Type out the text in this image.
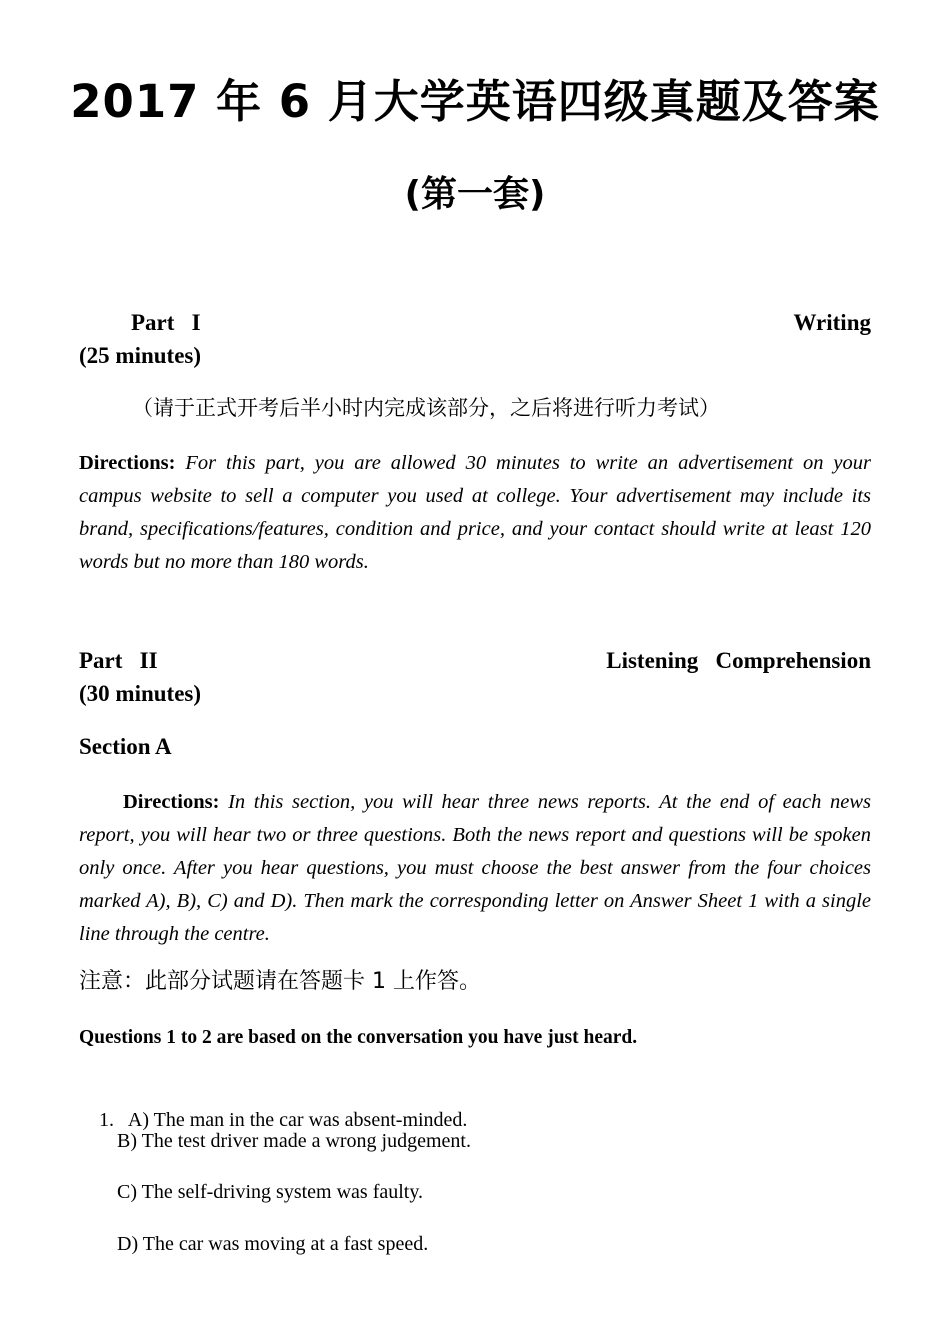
2017 年 6 月大学英语四级真题及答案
(第一套)
Part   I	Writing
(25 minutes)
（请于正式开考后半小时内完成该部分，之后将进行听力考试）
Directions: For this part, you are allowed 30 minutes to write an advertisement on your campus website to sell a computer you used at college. Your advertisement may include its brand, specifications/features, condition and price, and your contact should write at least 120 words but no more than 180 words.
Part   II	Listening   Comprehension
(30 minutes)
Section A
Directions: In this section, you will hear three news reports. At the end of each news report, you will hear two or three questions. Both the news report and questions will be spoken only once. After you hear questions, you must choose the best answer from the four choices marked A), B), C) and D). Then mark the corresponding letter on Answer Sheet 1 with a single line through the centre.
注意：此部分试题请在答题卡 1 上作答。
Questions 1 to 2 are based on the conversation you have just heard.

1. A) The man in the car was absent-minded.

B) The test driver made a wrong judgement.
C) The self-driving system was faulty.
D) The car was moving at a fast speed.
